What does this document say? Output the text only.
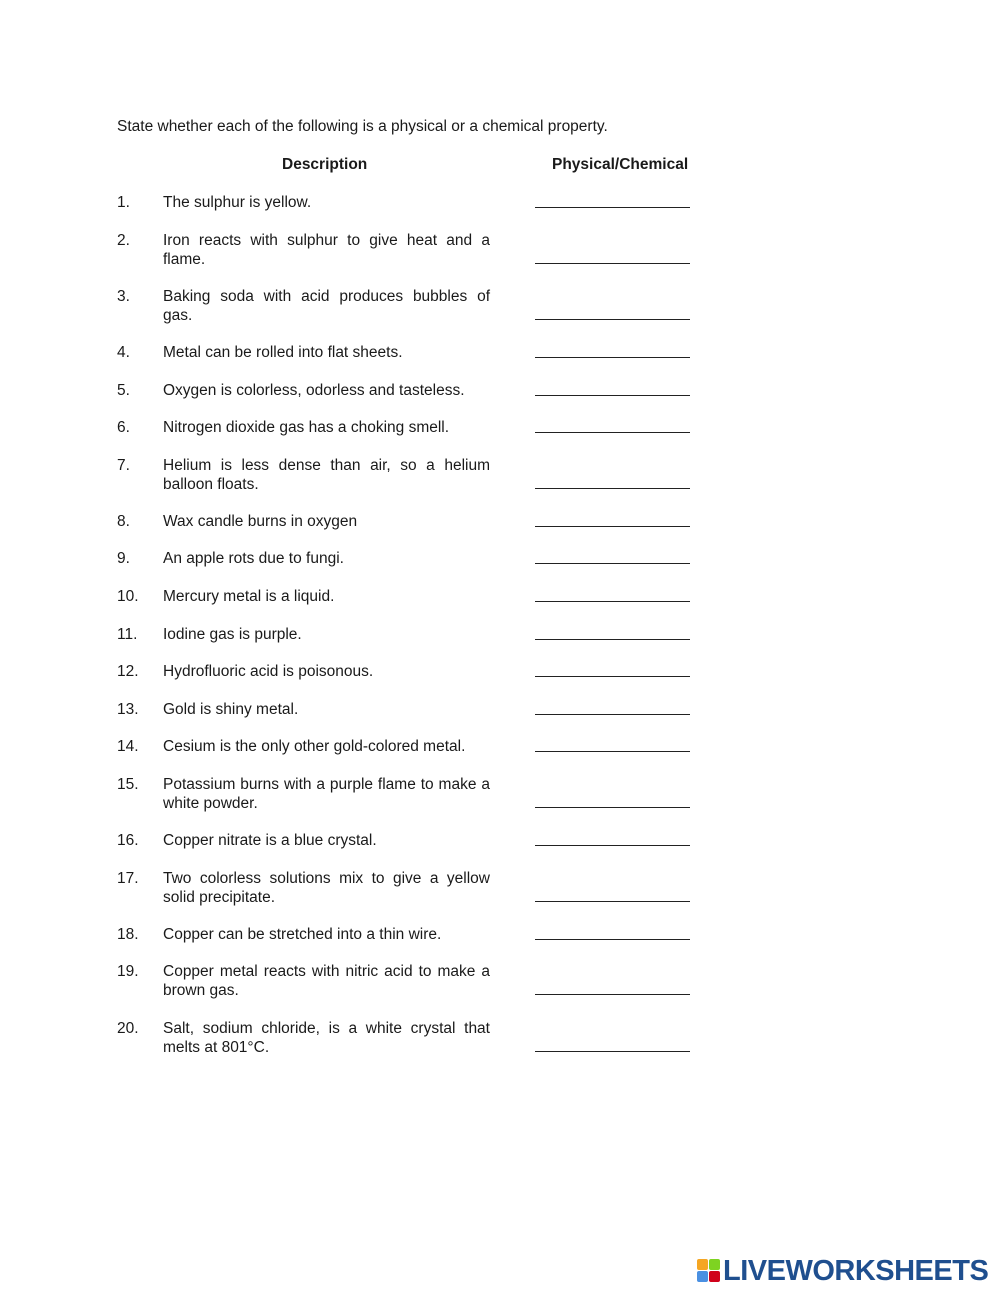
State whether each of the following is a physical or a chemical property.
Description	Physical/Chemical
1. The sulphur is yellow.
2. Iron reacts with sulphur to give heat and a flame.
3. Baking soda with acid produces bubbles of gas.
4. Metal can be rolled into flat sheets.
5. Oxygen is colorless, odorless and tasteless.
6. Nitrogen dioxide gas has a choking smell.
7. Helium is less dense than air, so a helium balloon floats.
8. Wax candle burns in oxygen
9. An apple rots due to fungi.
10. Mercury metal is a liquid.
11. Iodine gas is purple.
12. Hydrofluoric acid is poisonous.
13. Gold is shiny metal.
14. Cesium is the only other gold-colored metal.
15. Potassium burns with a purple flame to make a white powder.
16. Copper nitrate is a blue crystal.
17. Two colorless solutions mix to give a yellow solid precipitate.
18. Copper can be stretched into a thin wire.
19. Copper metal reacts with nitric acid to make a brown gas.
20. Salt, sodium chloride, is a white crystal that melts at 801°C.
LIVEWORKSHEETS
